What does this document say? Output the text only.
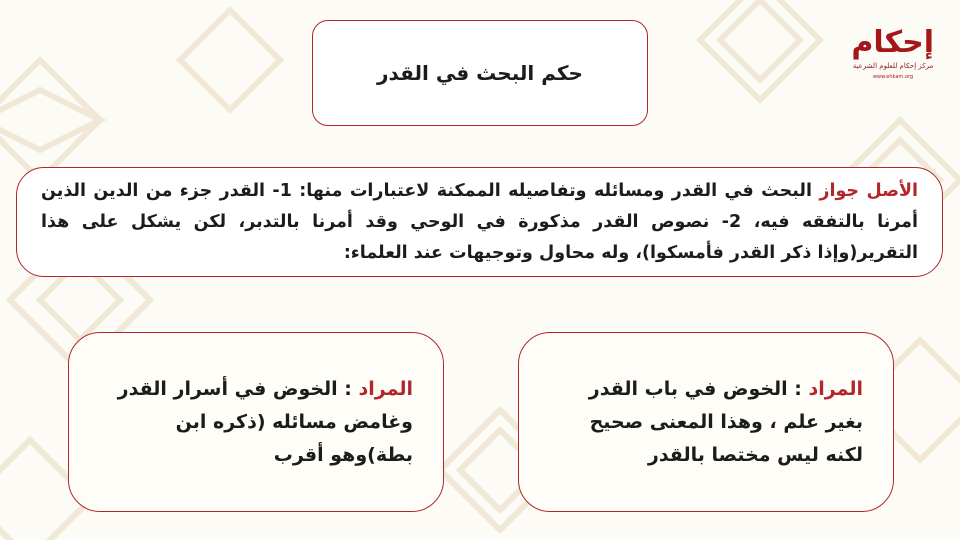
إحكام
مركز إحكام للعلوم الشرعية
www.ehkam.org
حكم البحث في القدر
الأصل جواز البحث في القدر ومسائله وتفاصيله الممكنة لاعتبارات منها: 1- القدر جزء من الدين الذين أمرنا بالتفقه فيه، 2- نصوص القدر مذكورة في الوحي وقد أمرنا بالتدبر، لكن يشكل على هذا التقرير(وإذا ذكر القدر فأمسكوا)، وله محاول وتوجيهات عند العلماء:
المراد : الخوض في باب القدر بغير علم ، وهذا المعنى صحيح لكنه ليس مختصا بالقدر
المراد : الخوض في أسرار القدر وغامض مسائله (ذكره ابن بطة)وهو أقرب
